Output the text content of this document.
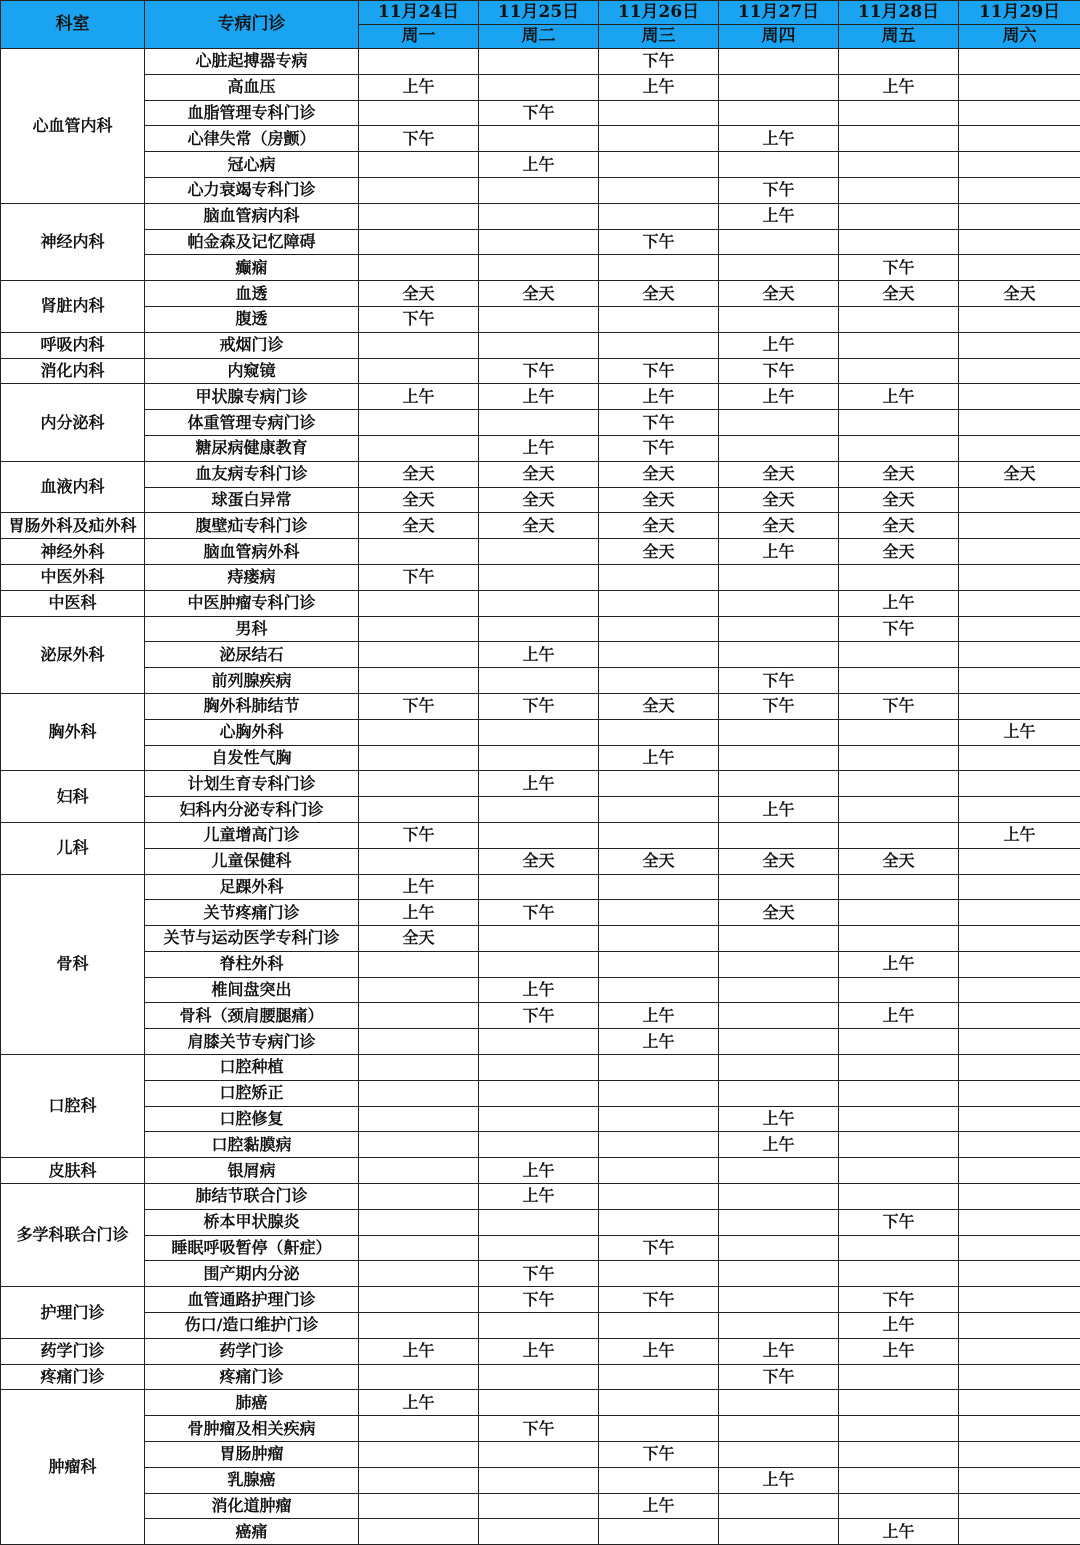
科室	专病门诊	11月24日	11月25日	11月26日	11月27日	11月28日	11月29日
		周一	周二	周三	周四	周五	周六
心血管内科	心脏起搏器专病			下午			
	高血压	上午		上午		上午	
	血脂管理专科门诊		下午				
	心律失常（房颤）	下午			上午		
	冠心病		上午				
	心力衰竭专科门诊				下午		
神经内科	脑血管病内科				上午		
	帕金森及记忆障碍			下午			
	癫痫					下午	
肾脏内科	血透	全天	全天	全天	全天	全天	全天
	腹透	下午					
呼吸内科	戒烟门诊				上午		
消化内科	内窥镜		下午	下午	下午		
内分泌科	甲状腺专病门诊	上午	上午	上午	上午	上午	
	体重管理专病门诊			下午			
	糖尿病健康教育		上午	下午			
血液内科	血友病专科门诊	全天	全天	全天	全天	全天	全天
	球蛋白异常	全天	全天	全天	全天	全天	
胃肠外科及疝外科	腹壁疝专科门诊	全天	全天	全天	全天	全天	
神经外科	脑血管病外科			全天	上午	全天	
中医外科	痔瘘病	下午					
中医科	中医肿瘤专科门诊					上午	
泌尿外科	男科					下午	
	泌尿结石		上午				
	前列腺疾病				下午		
胸外科	胸外科肺结节	下午	下午	全天	下午	下午	
	心胸外科						上午
	自发性气胸			上午			
妇科	计划生育专科门诊		上午				
	妇科内分泌专科门诊				上午		
儿科	儿童增高门诊	下午					上午
	儿童保健科		全天	全天	全天	全天	
骨科	足踝外科	上午					
	关节疼痛门诊	上午	下午		全天		
	关节与运动医学专科门诊	全天					
	脊柱外科					上午	
	椎间盘突出		上午				
	骨科（颈肩腰腿痛）		下午	上午		上午	
	肩膝关节专病门诊			上午			
口腔科	口腔种植						
	口腔矫正						
	口腔修复				上午		
	口腔黏膜病				上午		
皮肤科	银屑病		上午				
多学科联合门诊	肺结节联合门诊		上午				
	桥本甲状腺炎					下午	
	睡眠呼吸暂停（鼾症）			下午			
	围产期内分泌		下午				
护理门诊	血管通路护理门诊		下午	下午		下午	
	伤口/造口维护门诊					上午	
药学门诊	药学门诊	上午	上午	上午	上午	上午	
疼痛门诊	疼痛门诊				下午		
肿瘤科	肺癌	上午					
	骨肿瘤及相关疾病		下午				
	胃肠肿瘤			下午			
	乳腺癌				上午		
	消化道肿瘤			上午			
	癌痛					上午	
